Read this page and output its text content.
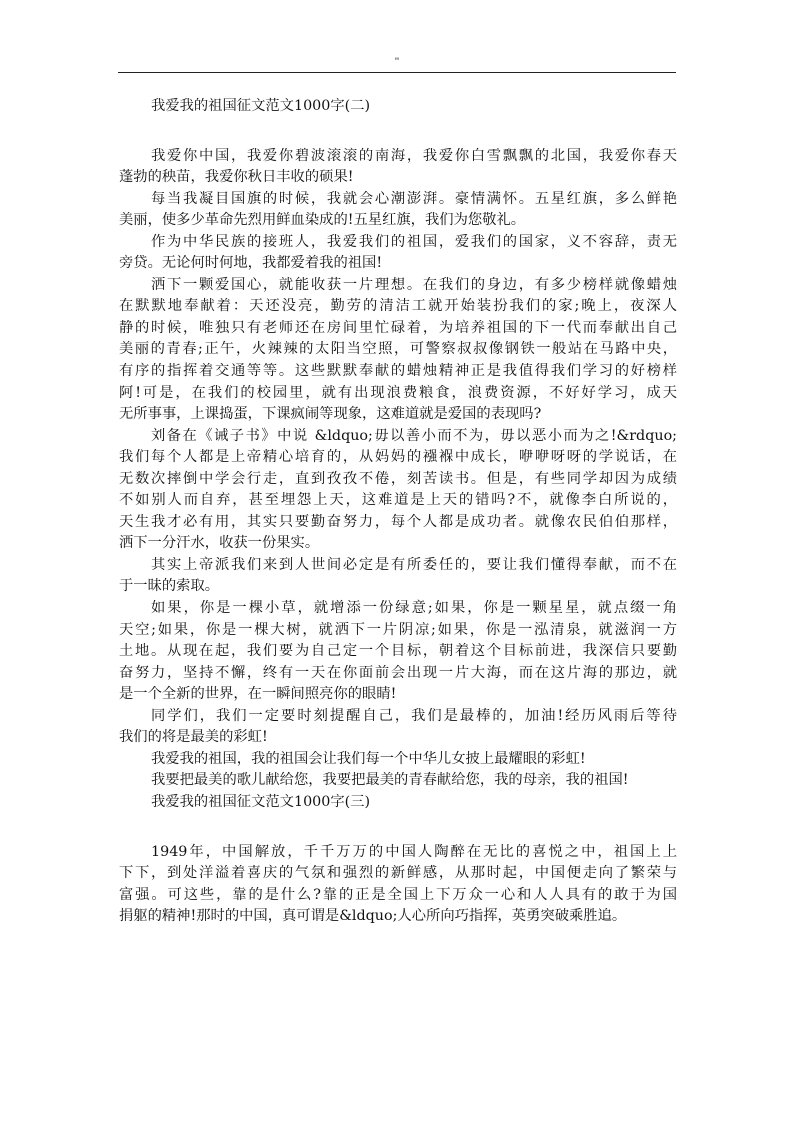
''
我爱我的祖国征文范文1000字(二)
我爱你中国，我爱你碧波滚滚的南海，我爱你白雪飘飘的北国，我爱你春天
蓬勃的秧苗，我爱你秋日丰收的硕果!
每当我凝目国旗的时候，我就会心潮澎湃。豪情满怀。五星红旗，多么鲜艳
美丽，使多少革命先烈用鲜血染成的!五星红旗，我们为您敬礼。
作为中华民族的接班人，我爱我们的祖国，爱我们的国家，义不容辞，责无
旁贷。无论何时何地，我都爱着我的祖国!
洒下一颗爱国心，就能收获一片理想。在我们的身边，有多少榜样就像蜡烛
在默默地奉献着：天还没亮，勤劳的清洁工就开始装扮我们的家;晚上，夜深人
静的时候，唯独只有老师还在房间里忙碌着，为培养祖国的下一代而奉献出自己
美丽的青春;正午，火辣辣的太阳当空照，可警察叔叔像钢铁一般站在马路中央，
有序的指挥着交通等等。这些默默奉献的蜡烛精神正是我值得我们学习的好榜样
阿!可是，在我们的校园里，就有出现浪费粮食，浪费资源，不好好学习，成天
无所事事，上课捣蛋，下课疯闹等现象，这难道就是爱国的表现吗?
刘备在《诫子书》中说 &ldquo;毋以善小而不为，毋以恶小而为之!&rdquo;
我们每个人都是上帝精心培育的，从妈妈的襁褓中成长，咿咿呀呀的学说话，在
无数次摔倒中学会行走，直到孜孜不倦，刻苦读书。但是，有些同学却因为成绩
不如别人而自弃，甚至埋怨上天，这难道是上天的错吗?不，就像李白所说的，
天生我才必有用，其实只要勤奋努力，每个人都是成功者。就像农民伯伯那样，
洒下一分汗水，收获一份果实。
其实上帝派我们来到人世间必定是有所委任的，要让我们懂得奉献，而不在
于一昧的索取。
如果，你是一棵小草，就增添一份绿意;如果，你是一颗星星，就点缀一角
天空;如果，你是一棵大树，就洒下一片阴凉;如果，你是一泓清泉，就滋润一方
土地。从现在起，我们要为自己定一个目标，朝着这个目标前进，我深信只要勤
奋努力，坚持不懈，终有一天在你面前会出现一片大海，而在这片海的那边，就
是一个全新的世界，在一瞬间照亮你的眼睛!
同学们，我们一定要时刻提醒自己，我们是最棒的，加油!经历风雨后等待
我们的将是最美的彩虹!
我爱我的祖国，我的祖国会让我们每一个中华儿女披上最耀眼的彩虹!
我要把最美的歌儿献给您，我要把最美的青春献给您，我的母亲，我的祖国!
我爱我的祖国征文范文1000字(三)
1949年，中国解放，千千万万的中国人陶醉在无比的喜悦之中，祖国上上
下下，到处洋溢着喜庆的气氛和强烈的新鲜感，从那时起，中国便走向了繁荣与
富强。可这些，靠的是什么?靠的正是全国上下万众一心和人人具有的敢于为国
捐躯的精神!那时的中国，真可谓是&ldquo;人心所向巧指挥，英勇突破乘胜追。
